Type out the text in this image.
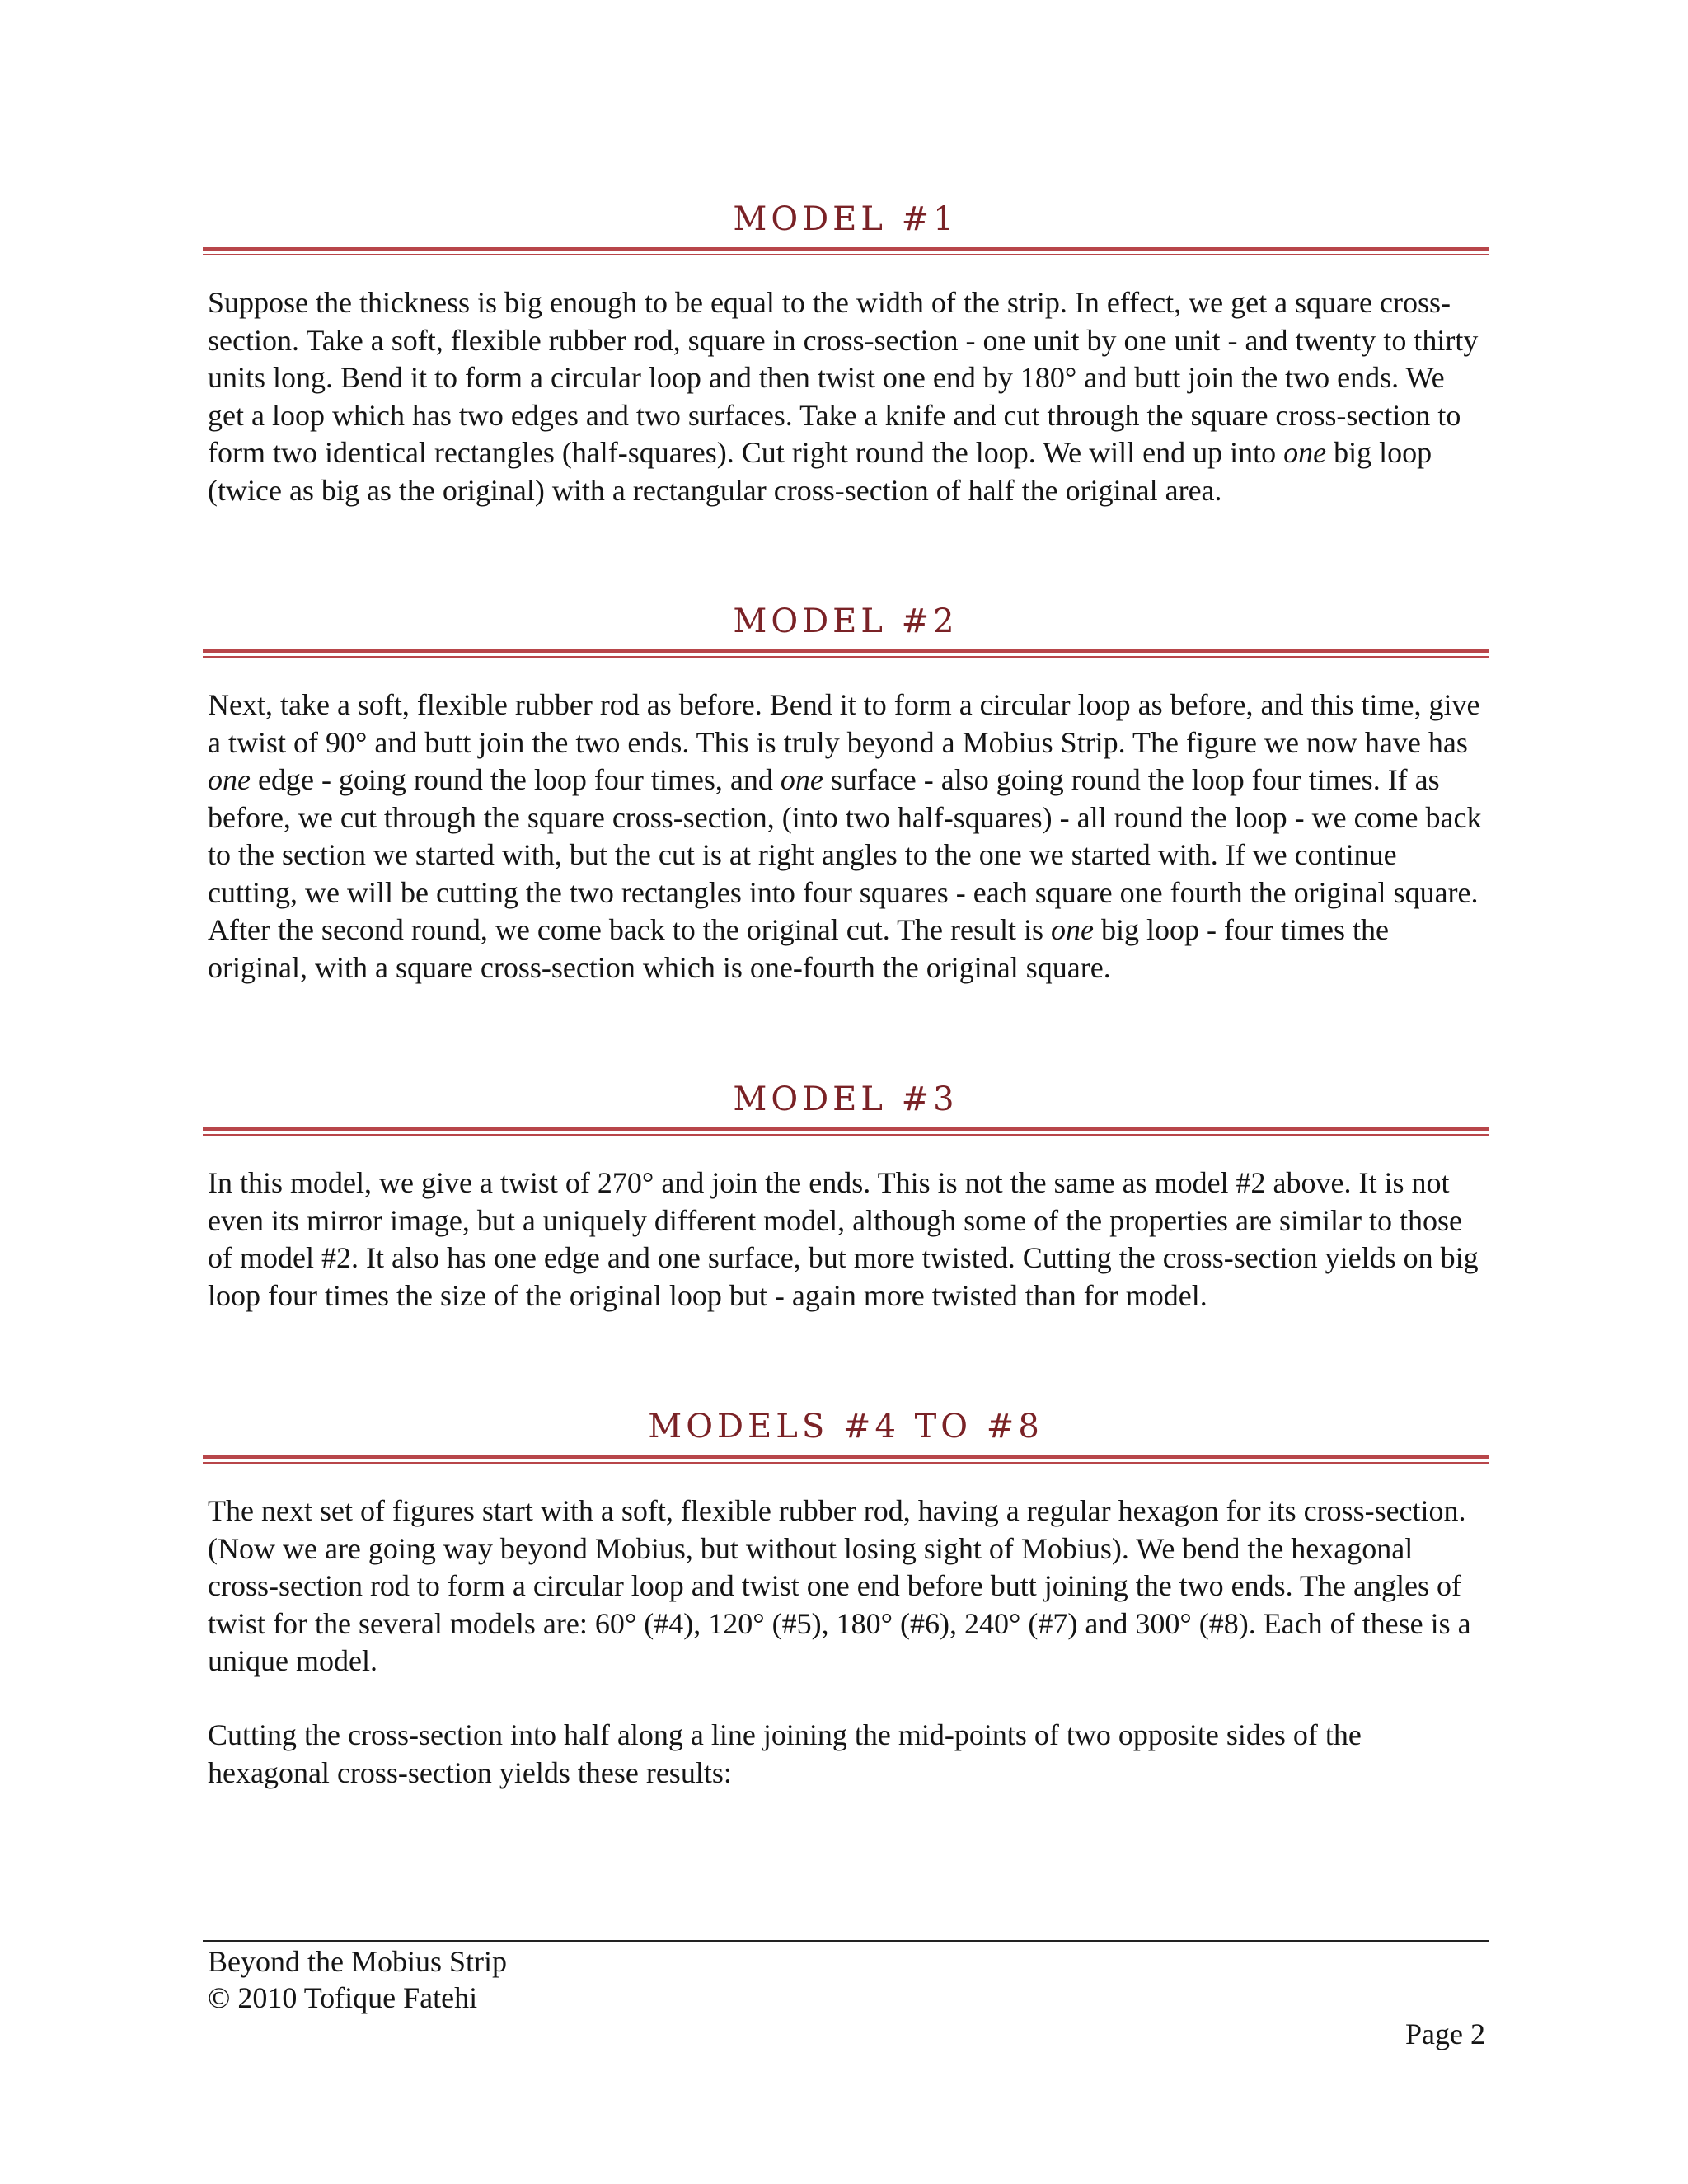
MODEL #1

Suppose the thickness is big enough to be equal to the width of the strip. In effect, we get a square cross-section. Take a soft, flexible rubber rod, square in cross-section - one unit by one unit - and twenty to thirty units long. Bend it to form a circular loop and then twist one end by 180° and butt join the two ends. We get a loop which has two edges and two surfaces. Take a knife and cut through the square cross-section to form two identical rectangles (half-squares). Cut right round the loop. We will end up into one big loop (twice as big as the original) with a rectangular cross-section of half the original area.

MODEL #2

Next, take a soft, flexible rubber rod as before. Bend it to form a circular loop as before, and this time, give a twist of 90° and butt join the two ends. This is truly beyond a Mobius Strip. The figure we now have has one edge - going round the loop four times, and one surface - also going round the loop four times. If as before, we cut through the square cross-section, (into two half-squares) - all round the loop - we come back to the section we started with, but the cut is at right angles to the one we started with. If we continue cutting, we will be cutting the two rectangles into four squares - each square one fourth the original square. After the second round, we come back to the original cut. The result is one big loop - four times the original, with a square cross-section which is one-fourth the original square.

MODEL #3

In this model, we give a twist of 270° and join the ends. This is not the same as model #2 above. It is not even its mirror image, but a uniquely different model, although some of the properties are similar to those of model #2. It also has one edge and one surface, but more twisted. Cutting the cross-section yields on big loop four times the size of the original loop but - again more twisted than for model.

MODELS #4 TO #8

The next set of figures start with a soft, flexible rubber rod, having a regular hexagon for its cross-section. (Now we are going way beyond Mobius, but without losing sight of Mobius). We bend the hexagonal cross-section rod to form a circular loop and twist one end before butt joining the two ends. The angles of twist for the several models are: 60° (#4), 120° (#5), 180° (#6), 240° (#7) and 300° (#8). Each of these is a unique model.

Cutting the cross-section into half along a line joining the mid-points of two opposite sides of the hexagonal cross-section yields these results:

Beyond the Mobius Strip
© 2010 Tofique Fatehi
Page 2
